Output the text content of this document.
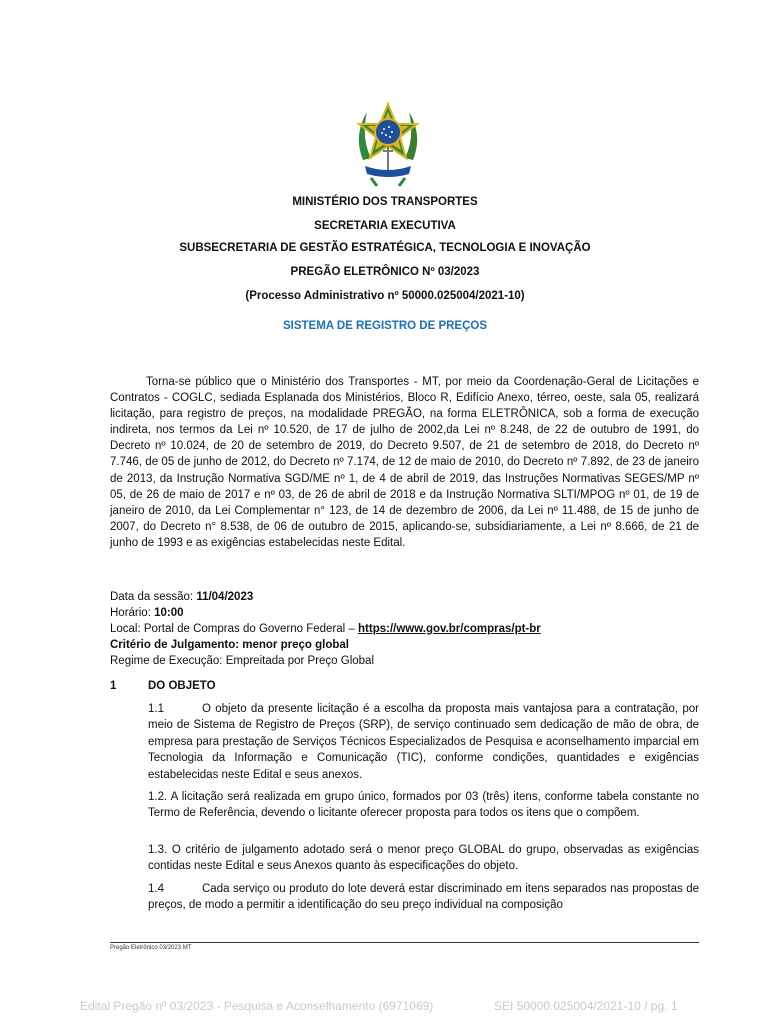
MINISTÉRIO DOS TRANSPORTES
SECRETARIA EXECUTIVA
SUBSECRETARIA DE GESTÃO ESTRATÉGICA, TECNOLOGIA E INOVAÇÃO
PREGÃO ELETRÔNICO Nº 03/2023
(Processo Administrativo nº 50000.025004/2021-10)
SISTEMA DE REGISTRO DE PREÇOS
Torna-se público que o Ministério dos Transportes - MT, por meio da Coordenação-Geral de Licitações e Contratos - COGLC, sediada Esplanada dos Ministérios, Bloco R, Edifício Anexo, térreo, oeste, sala 05, realizará licitação, para registro de preços, na modalidade PREGÃO, na forma ELETRÔNICA, sob a forma de execução indireta, nos termos da Lei nº 10.520, de 17 de julho de 2002,da Lei nº 8.248, de 22 de outubro de 1991, do Decreto nº 10.024, de 20 de setembro de 2019, do Decreto 9.507, de 21 de setembro de 2018, do Decreto nº 7.746, de 05 de junho de 2012, do Decreto nº 7.174, de 12 de maio de 2010, do Decreto nº 7.892, de 23 de janeiro de 2013, da Instrução Normativa SGD/ME nº 1, de 4 de abril de 2019, das Instruções Normativas SEGES/MP nº 05, de 26 de maio de 2017 e nº 03, de 26 de abril de 2018 e da Instrução Normativa SLTI/MPOG nº 01, de 19 de janeiro de 2010, da Lei Complementar n° 123, de 14 de dezembro de 2006, da Lei nº 11.488, de 15 de junho de 2007, do Decreto n° 8.538, de 06 de outubro de 2015, aplicando-se, subsidiariamente, a Lei nº 8.666, de 21 de junho de 1993 e as exigências estabelecidas neste Edital.
Data da sessão: 11/04/2023
Horário: 10:00
Local: Portal de Compras do Governo Federal – https://www.gov.br/compras/pt-br
Critério de Julgamento: menor preço global
Regime de Execução: Empreitada por Preço Global
1	DO OBJETO
1.1	O objeto da presente licitação é a escolha da proposta mais vantajosa para a contratação, por meio de Sistema de Registro de Preços (SRP), de serviço continuado sem dedicação de mão de obra, de empresa para prestação de Serviços Técnicos Especializados de Pesquisa e aconselhamento imparcial em Tecnologia da Informação e Comunicação (TIC), conforme condições, quantidades e exigências estabelecidas neste Edital e seus anexos.
1.2. A licitação será realizada em grupo único, formados por 03 (três) itens, conforme tabela constante no Termo de Referência, devendo o licitante oferecer proposta para todos os itens que o compõem.
1.3. O critério de julgamento adotado será o menor preço GLOBAL do grupo, observadas as exigências contidas neste Edital e seus Anexos quanto às especificações do objeto.
1.4	Cada serviço ou produto do lote deverá estar discriminado em itens separados nas propostas de preços, de modo a permitir a identificação do seu preço individual na composição
Pregão Eletrônico 03/2023 MT
Edital Pregão nº 03/2023 - Pesquisa e Aconselhamento (6971069)	SEI 50000.025004/2021-10 / pg. 1
